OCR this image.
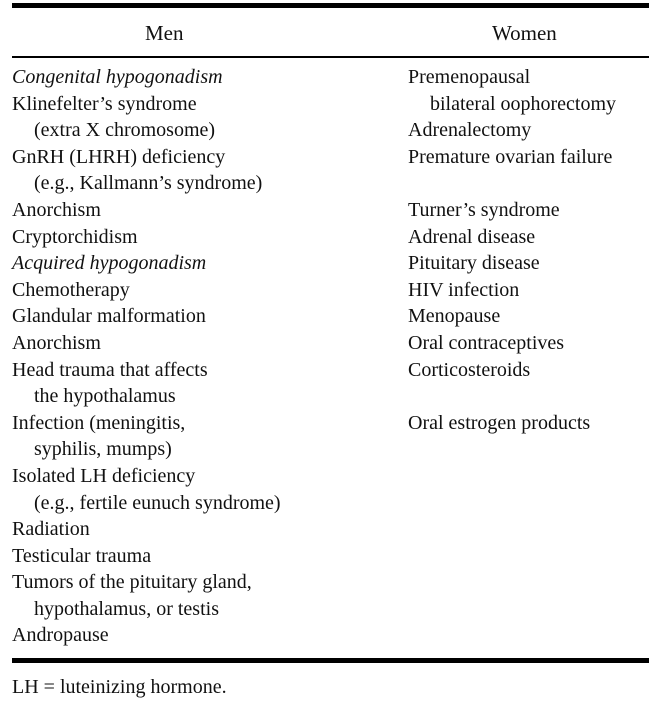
Men	Women
Congenital hypogonadism
Klinefelter’s syndrome
(extra X chromosome)
GnRH (LHRH) deficiency
(e.g., Kallmann’s syndrome)
Anorchism
Cryptorchidism
Acquired hypogonadism
Chemotherapy
Glandular malformation
Anorchism
Head trauma that affects
the hypothalamus
Infection (meningitis,
syphilis, mumps)
Isolated LH deficiency
(e.g., fertile eunuch syndrome)
Radiation
Testicular trauma
Tumors of the pituitary gland,
hypothalamus, or testis
Andropause
Premenopausal
bilateral oophorectomy
Adrenalectomy
Premature ovarian failure
Turner’s syndrome
Adrenal disease
Pituitary disease
HIV infection
Menopause
Oral contraceptives
Corticosteroids
Oral estrogen products
LH = luteinizing hormone.
